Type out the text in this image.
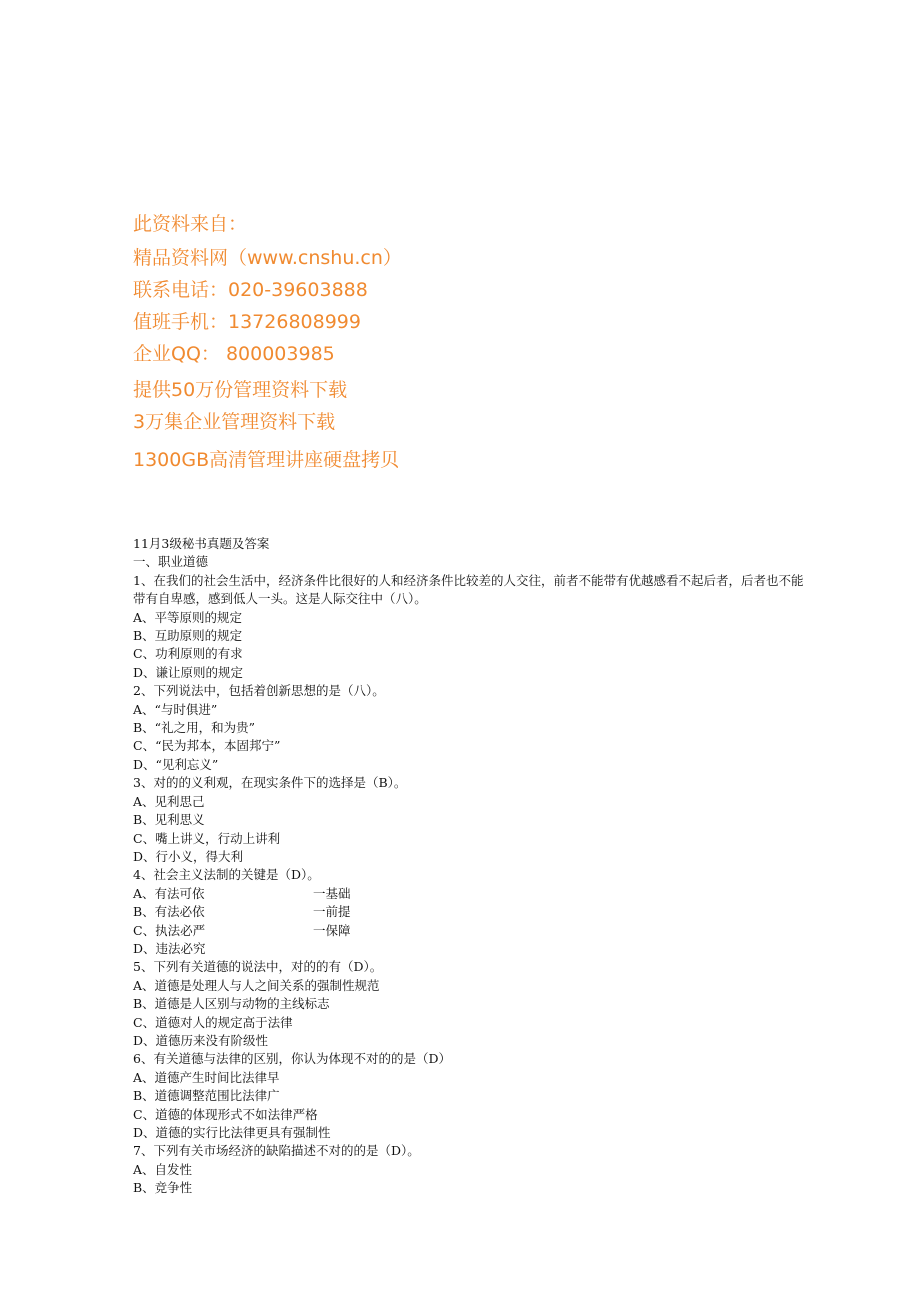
此资料来自：
精品资料网（www.cnshu.cn）
联系电话：020-39603888
值班手机：13726808999
企业QQ： 800003985
提供50万份管理资料下载
3万集企业管理资料下载
1300GB高清管理讲座硬盘拷贝
11月3级秘书真题及答案
一、职业道德
1、在我们的社会生活中，经济条件比很好的人和经济条件比较差的人交往，前者不能带有优越感看不起后者，后者也不能带有自卑感，感到低人一头。这是人际交往中（八）。
A、平等原则的规定
B、互助原则的规定
C、功利原则的有求
D、谦让原则的规定
2、下列说法中，包括着创新思想的是（八）。
A、“与时俱进”
B、“礼之用，和为贵”
C、“民为邦本，本固邦宁”
D、“见利忘义”
3、对的的义利观，在现实条件下的选择是（B）。
A、见利思己
B、见利思义
C、嘴上讲义，行动上讲利
D、行小义，得大利
4、社会主义法制的关键是（D）。
A、有法可依	一基础
B、有法必依	一前提
C、执法必严	一保障
D、违法必究
5、下列有关道德的说法中，对的的有（D）。
A、道德是处理人与人之间关系的强制性规范
B、道德是人区别与动物的主线标志
C、道德对人的规定高于法律
D、道德历来没有阶级性
6、有关道德与法律的区别，你认为体现不对的的是（D）
A、道德产生时间比法律早
B、道德调整范围比法律广
C、道德的体现形式不如法律严格
D、道德的实行比法律更具有强制性
7、下列有关市场经济的缺陷描述不对的的是（D）。
A、自发性
B、竞争性
